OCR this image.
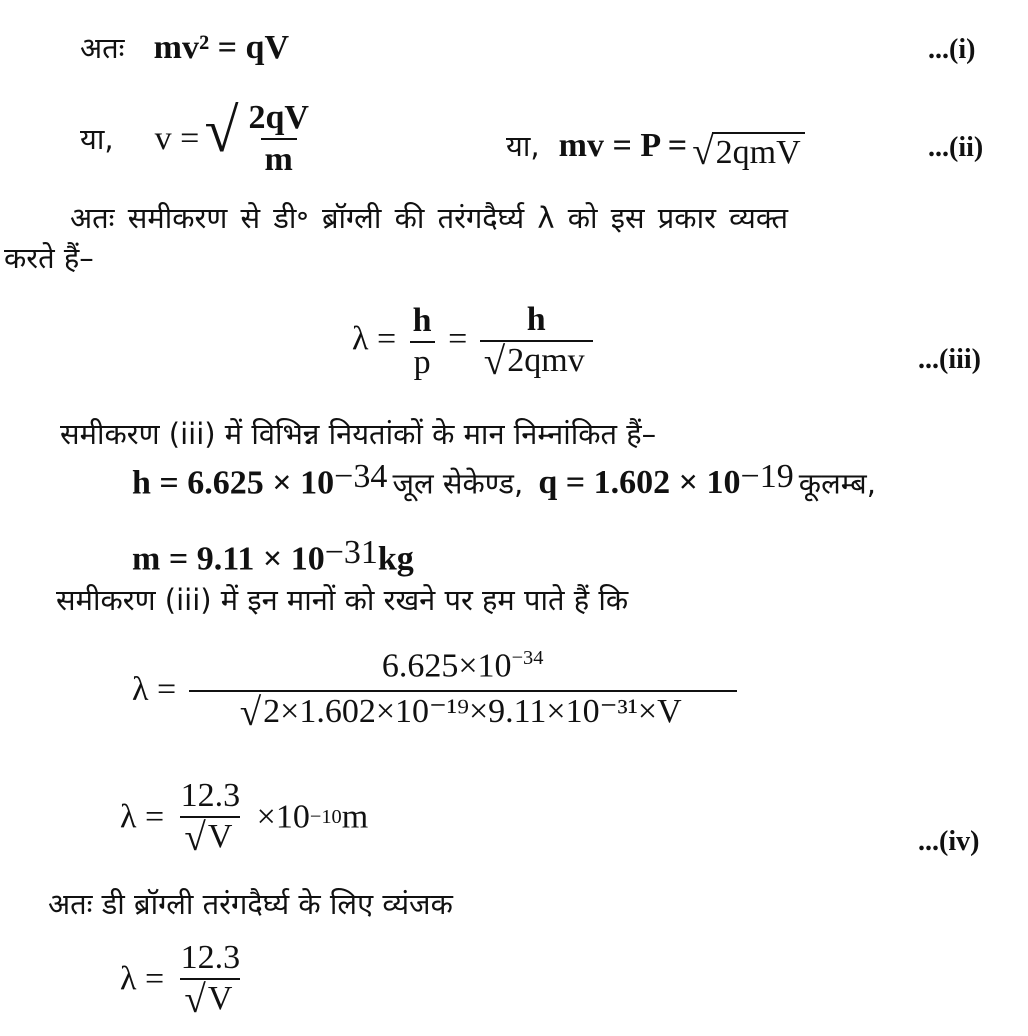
अतः mv² = qV	...(i)
या, v = √ $\frac{2qV}{m}$	या, mv = P = √ 2qmV	...(ii)
अतः समीकरण से डी॰ ब्रॉग्ली की तरंगदैर्घ्य λ को इस प्रकार व्यक्त
करते हैं–
$\lambda = \frac{h}{p} = \frac{h}{\text{√ 2qmv}}$	...(iii)
समीकरण (iii) में विभिन्न नियतांकों के मान निम्नांकित हैं–
$h = 6.625 \times 10^{-34}$ जूल सेकेण्ड, $q = 1.602 \times 10^{-19}$ कूलम्ब,
$m = 9.11 \times 10^{-31}kg$
समीकरण (iii) में इन मानों को रखने पर हम पाते हैं कि
$\lambda = \frac{6.625\times 10^{-34}}{\text{√ 2×1.602×10⁻¹⁹×9.11×10⁻³¹×V}}$
$\lambda = \frac{12.3}{√ V} \times 10-10m$
...(iv)
अतः डी ब्रॉग्ली तरंगदैर्घ्य के लिए व्यंजक
$\lambda = \frac{12.3}{√ V}$
